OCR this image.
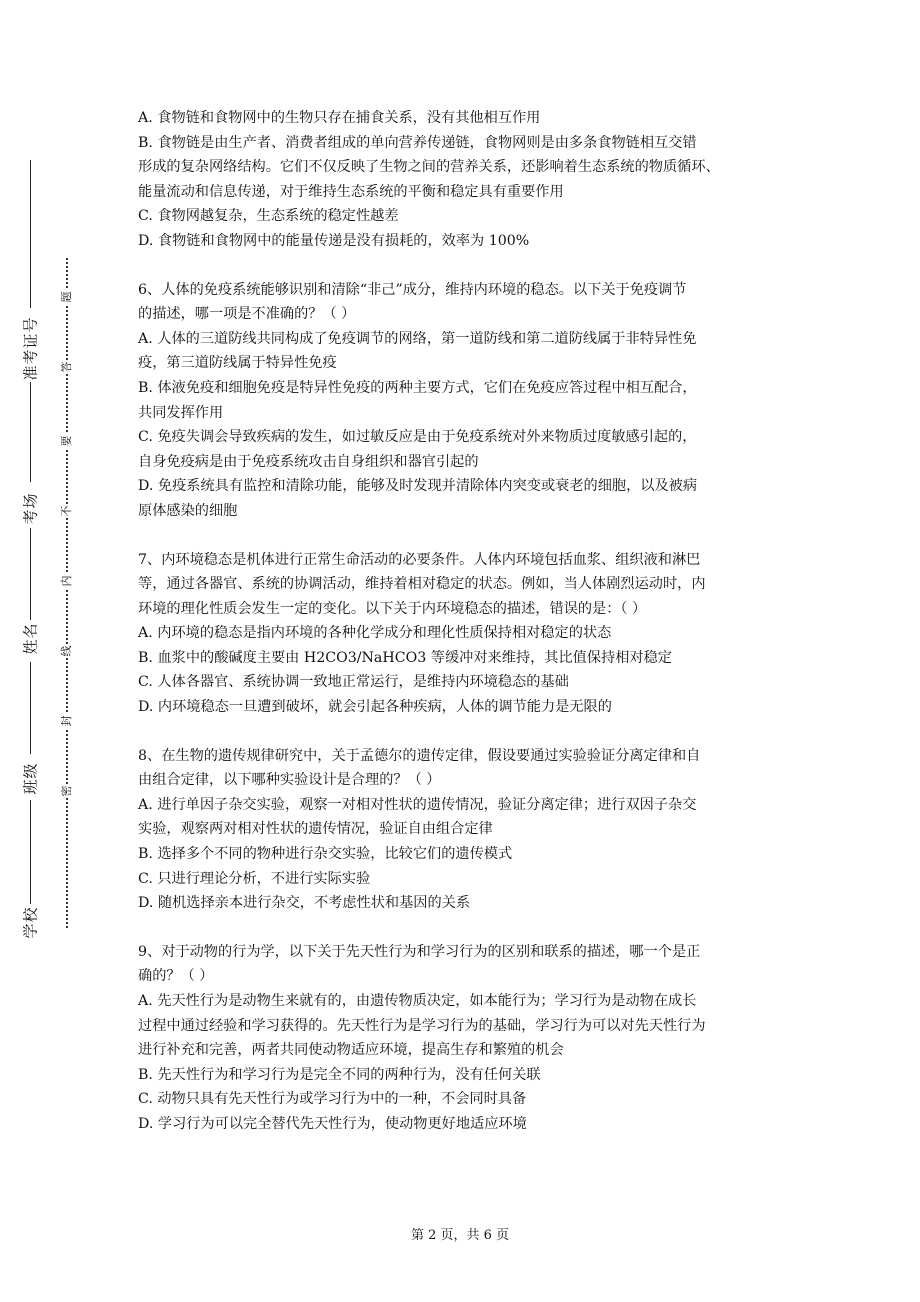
准考证号
考场
姓名
班级
学校
题
答
要
不
内
线
封
密
A. 食物链和食物网中的生物只存在捕食关系，没有其他相互作用
B. 食物链是由生产者、消费者组成的单向营养传递链，食物网则是由多条食物链相互交错
形成的复杂网络结构。它们不仅反映了生物之间的营养关系，还影响着生态系统的物质循环、
能量流动和信息传递，对于维持生态系统的平衡和稳定具有重要作用
C. 食物网越复杂，生态系统的稳定性越差
D. 食物链和食物网中的能量传递是没有损耗的，效率为 100%
6、人体的免疫系统能够识别和清除“非己”成分，维持内环境的稳态。以下关于免疫调节
的描述，哪一项是不准确的？（ ）
A. 人体的三道防线共同构成了免疫调节的网络，第一道防线和第二道防线属于非特异性免
疫，第三道防线属于特异性免疫
B. 体液免疫和细胞免疫是特异性免疫的两种主要方式，它们在免疫应答过程中相互配合，
共同发挥作用
C. 免疫失调会导致疾病的发生，如过敏反应是由于免疫系统对外来物质过度敏感引起的，
自身免疫病是由于免疫系统攻击自身组织和器官引起的
D. 免疫系统具有监控和清除功能，能够及时发现并清除体内突变或衰老的细胞，以及被病
原体感染的细胞
7、内环境稳态是机体进行正常生命活动的必要条件。人体内环境包括血浆、组织液和淋巴
等，通过各器官、系统的协调活动，维持着相对稳定的状态。例如，当人体剧烈运动时，内
环境的理化性质会发生一定的变化。以下关于内环境稳态的描述，错误的是：（ ）
A. 内环境的稳态是指内环境的各种化学成分和理化性质保持相对稳定的状态
B. 血浆中的酸碱度主要由 H2CO3/NaHCO3 等缓冲对来维持，其比值保持相对稳定
C. 人体各器官、系统协调一致地正常运行，是维持内环境稳态的基础
D. 内环境稳态一旦遭到破坏，就会引起各种疾病，人体的调节能力是无限的
8、在生物的遗传规律研究中，关于孟德尔的遗传定律，假设要通过实验验证分离定律和自
由组合定律，以下哪种实验设计是合理的？（ ）
A. 进行单因子杂交实验，观察一对相对性状的遗传情况，验证分离定律；进行双因子杂交
实验，观察两对相对性状的遗传情况，验证自由组合定律
B. 选择多个不同的物种进行杂交实验，比较它们的遗传模式
C. 只进行理论分析，不进行实际实验
D. 随机选择亲本进行杂交，不考虑性状和基因的关系
9、对于动物的行为学，以下关于先天性行为和学习行为的区别和联系的描述，哪一个是正
确的？（ ）
A. 先天性行为是动物生来就有的，由遗传物质决定，如本能行为；学习行为是动物在成长
过程中通过经验和学习获得的。先天性行为是学习行为的基础，学习行为可以对先天性行为
进行补充和完善，两者共同使动物适应环境，提高生存和繁殖的机会
B. 先天性行为和学习行为是完全不同的两种行为，没有任何关联
C. 动物只具有先天性行为或学习行为中的一种，不会同时具备
D. 学习行为可以完全替代先天性行为，使动物更好地适应环境
第 2 页，共 6 页
